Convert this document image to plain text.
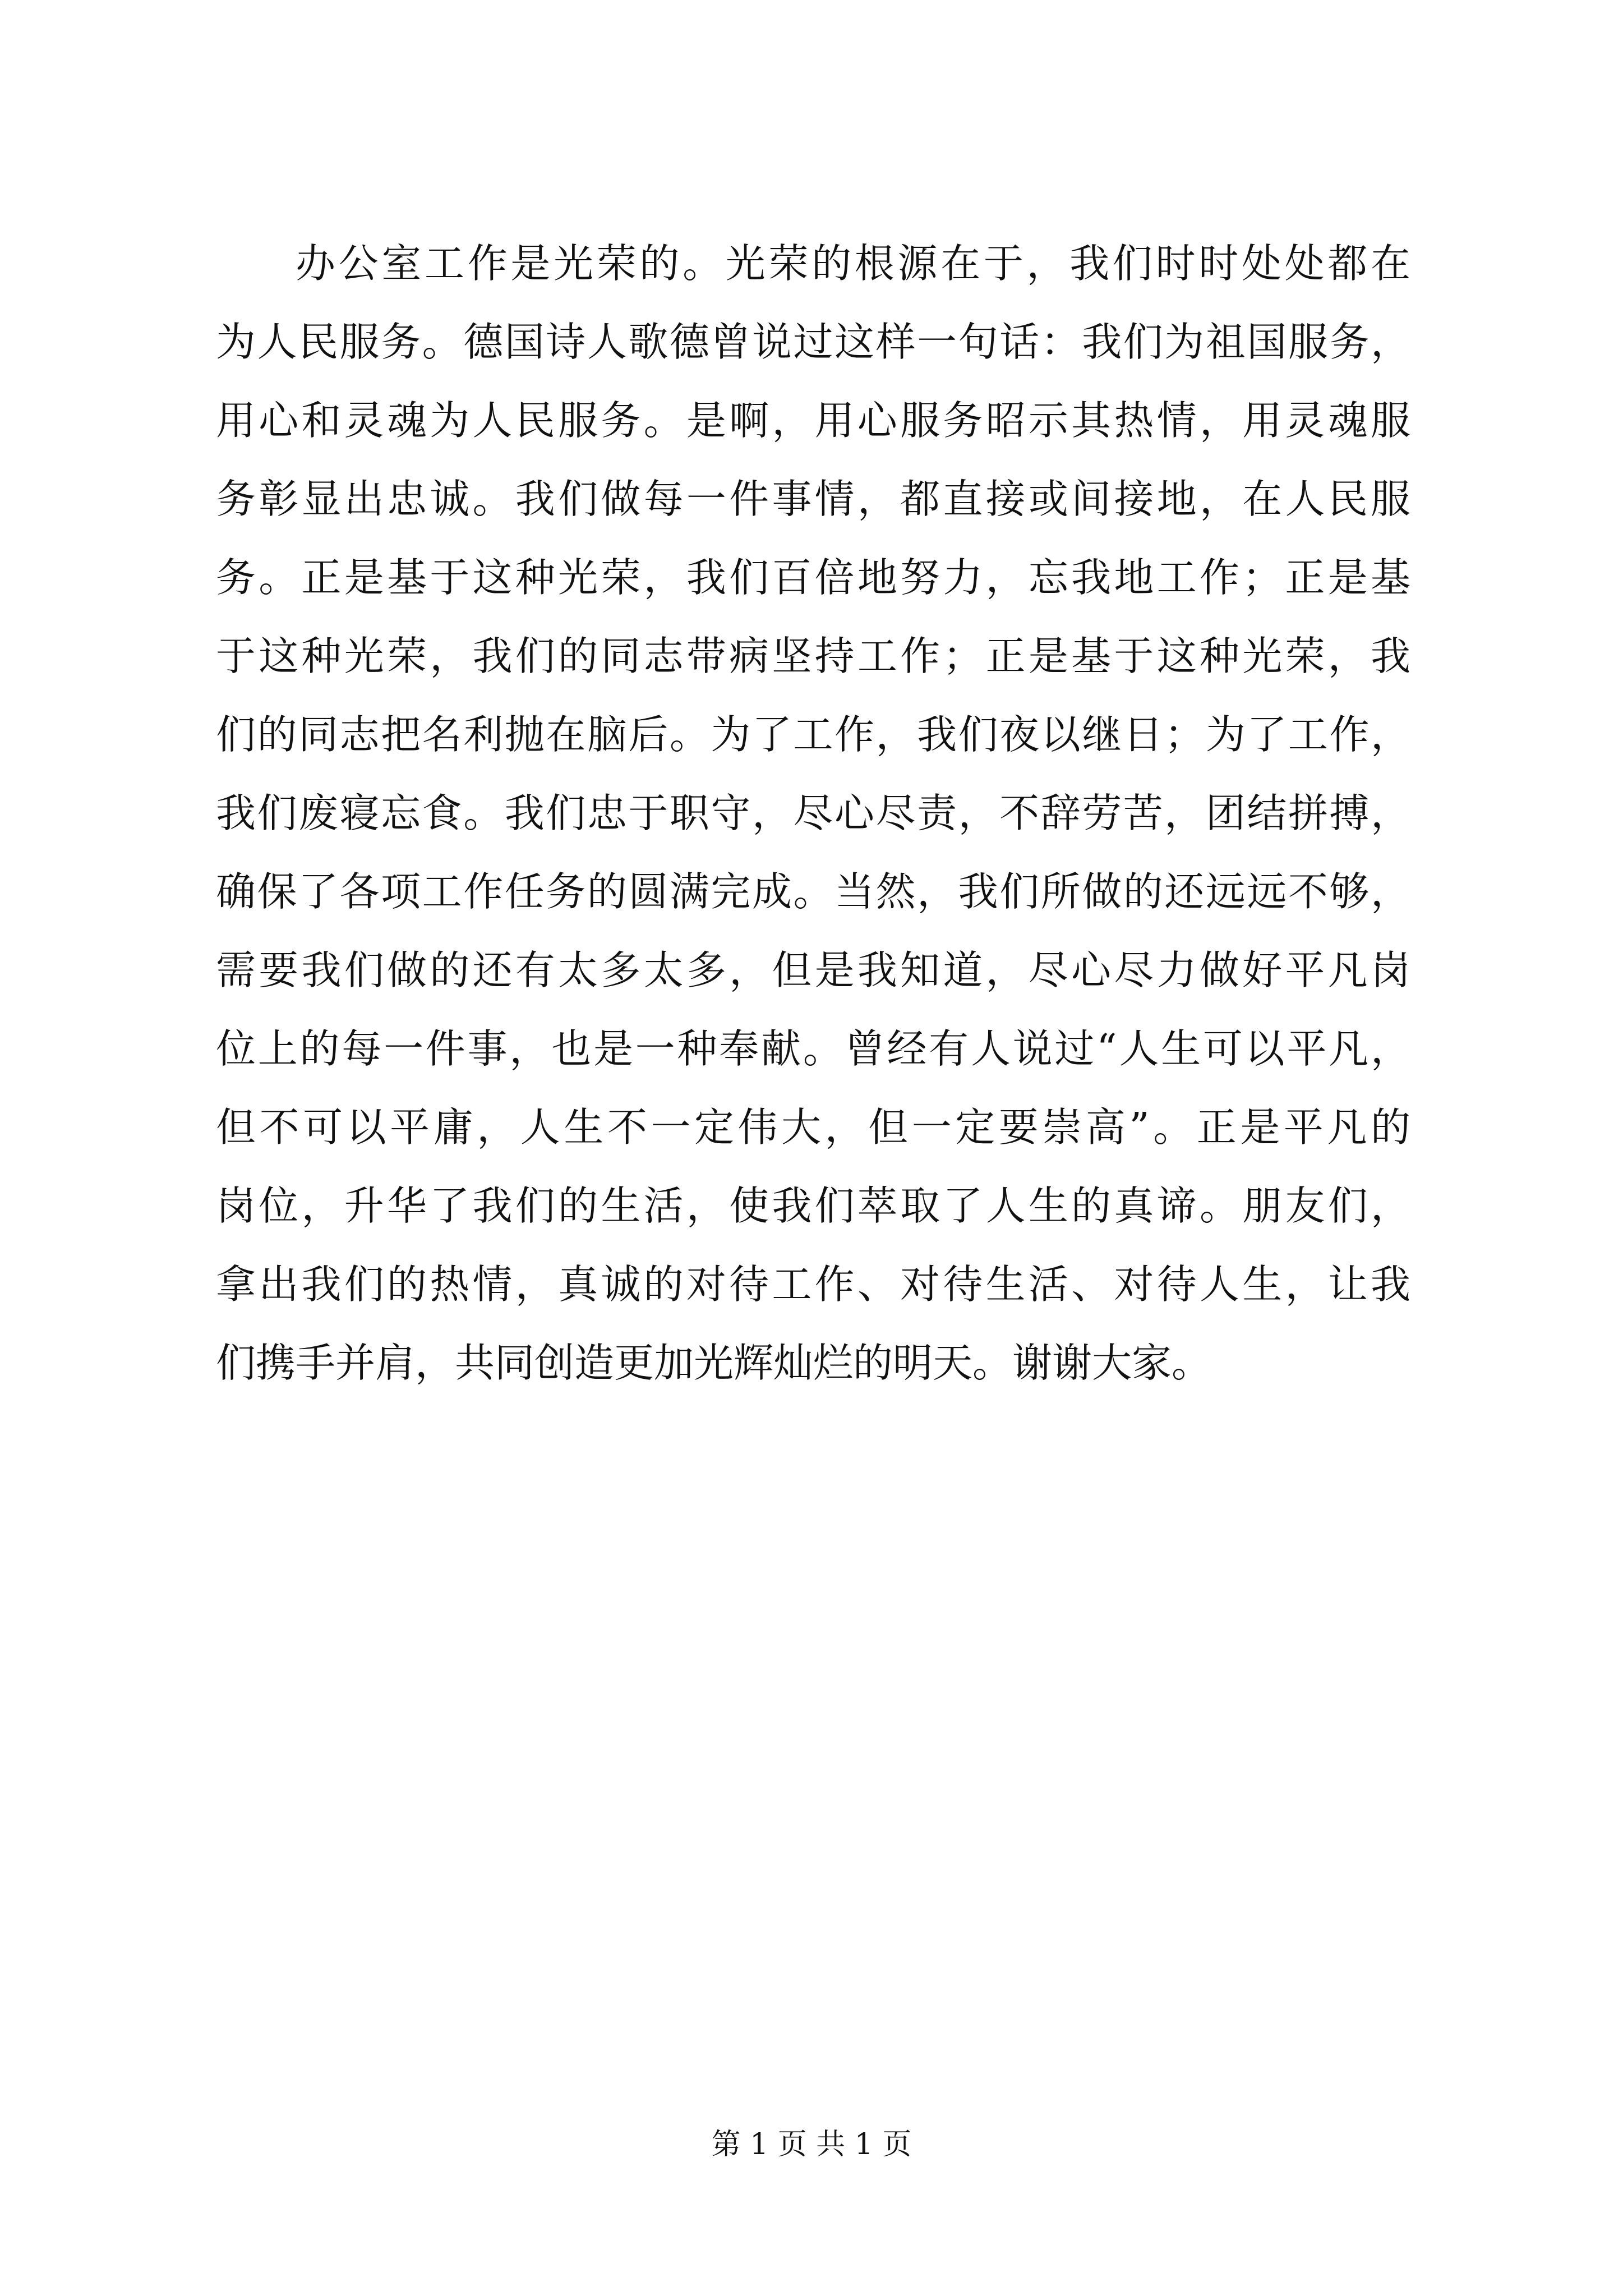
办公室工作是光荣的。光荣的根源在于，我们时时处处都在
为人民服务。德国诗人歌德曾说过这样一句话：我们为祖国服务，
用心和灵魂为人民服务。是啊，用心服务昭示其热情，用灵魂服
务彰显出忠诚。我们做每一件事情，都直接或间接地，在人民服
务。正是基于这种光荣，我们百倍地努力，忘我地工作；正是基
于这种光荣，我们的同志带病坚持工作；正是基于这种光荣，我
们的同志把名利抛在脑后。为了工作，我们夜以继日；为了工作，
我们废寝忘食。我们忠于职守，尽心尽责，不辞劳苦，团结拼搏，
确保了各项工作任务的圆满完成。当然，我们所做的还远远不够，
需要我们做的还有太多太多，但是我知道，尽心尽力做好平凡岗
位上的每一件事，也是一种奉献。曾经有人说过“人生可以平凡，
但不可以平庸，人生不一定伟大，但一定要崇高”。正是平凡的
岗位，升华了我们的生活，使我们萃取了人生的真谛。朋友们，
拿出我们的热情，真诚的对待工作、对待生活、对待人生，让我
们携手并肩，共同创造更加光辉灿烂的明天。谢谢大家。
第 1 页 共 1 页
